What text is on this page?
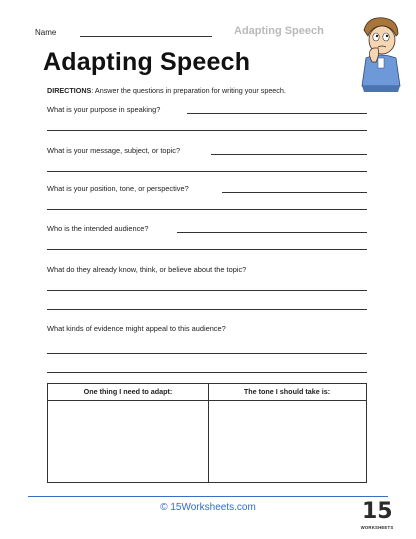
Name	Adapting Speech
Adapting Speech
DIRECTIONS: Answer the questions in preparation for writing your speech.
What is your purpose in speaking?
What is your message, subject, or topic?
What is your position, tone, or perspective?
Who is the intended audience?
What do they already know, think, or believe about the topic?
What kinds of evidence might appeal to this audience?
One thing I need to adapt:	The tone I should take is:
© 15Worksheets.com	15
WORKSHEETS
